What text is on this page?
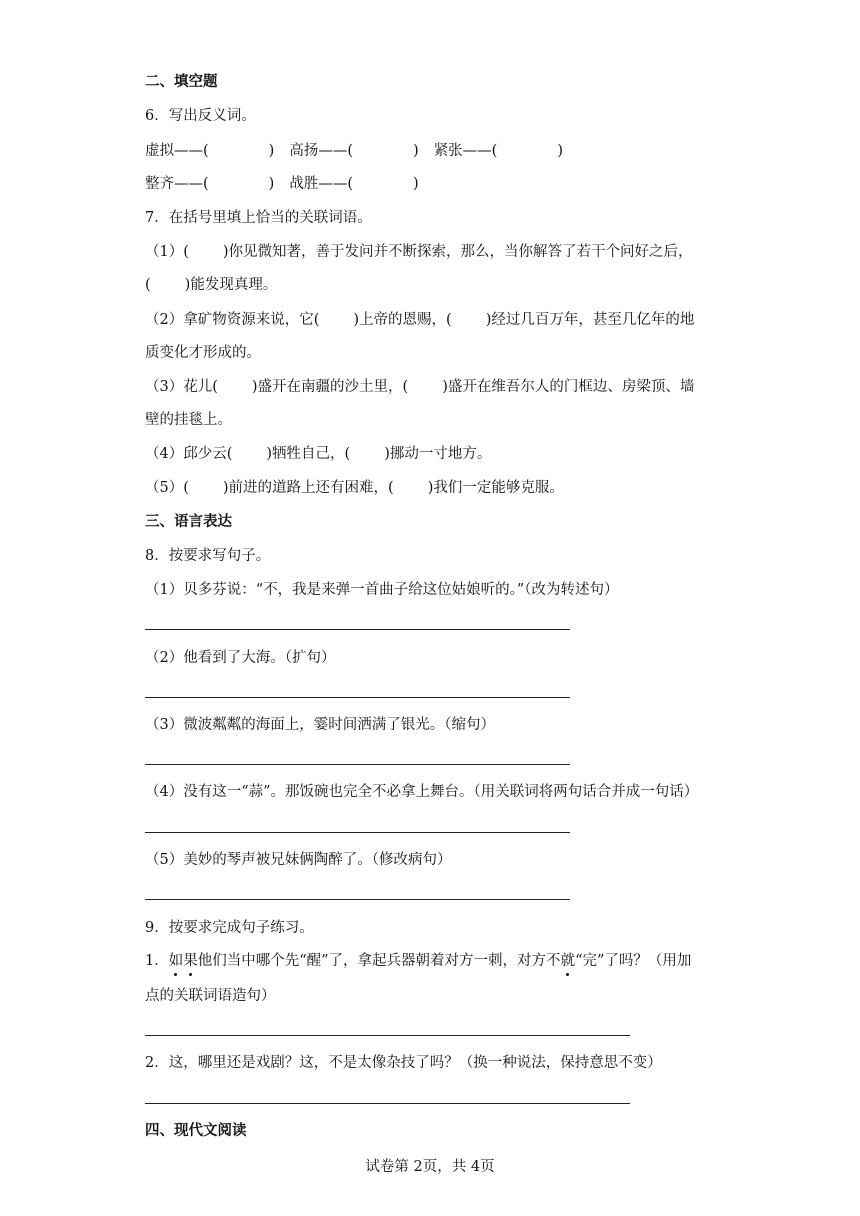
二、填空题
6．写出反义词。
虚拟——(	) 高扬——(	) 紧张——(	)
整齐——(	) 战胜——(	)
7．在括号里填上恰当的关联词语。
（1）( )你见微知著，善于发问并不断探索，那么，当你解答了若干个问好之后，
( )能发现真理。
（2）拿矿物资源来说，它( )上帝的恩赐，( )经过几百万年，甚至几亿年的地
质变化才形成的。
（3）花儿( )盛开在南疆的沙土里，( )盛开在维吾尔人的门框边、房梁顶、墙
壁的挂毯上。
（4）邱少云( )牺牲自己，( )挪动一寸地方。
（5）( )前进的道路上还有困难，( )我们一定能够克服。
三、语言表达
8．按要求写句子。
（1）贝多芬说：“不，我是来弹一首曲子给这位姑娘听的。”（改为转述句）
（2）他看到了大海。（扩句）
（3）微波粼粼的海面上，霎时间洒满了银光。（缩句）
（4）没有这一“蒜”。那饭碗也完全不必拿上舞台。（用关联词将两句话合并成一句话）
（5）美妙的琴声被兄妹俩陶醉了。（修改病句）
9．按要求完成句子练习。
1．如果他们当中哪个先“醒”了，拿起兵器朝着对方一刺，对方不就“完”了吗？（用加
点的关联词语造句）
2．这，哪里还是戏剧？这，不是太像杂技了吗？（换一种说法，保持意思不变）
四、现代文阅读
试卷第 2页，共 4页
